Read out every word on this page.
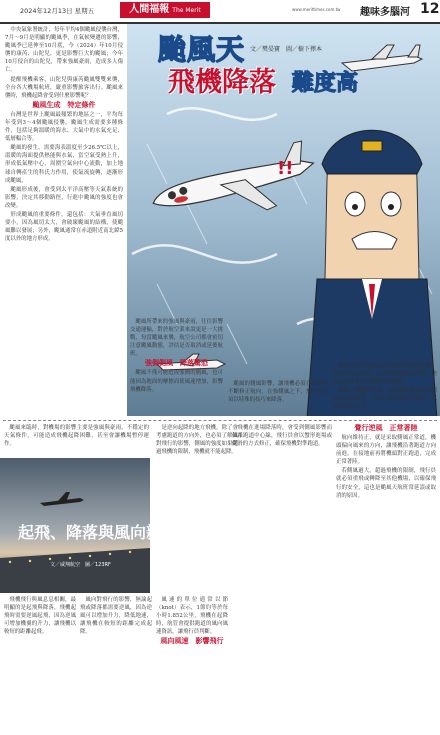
2024年12月13日 星期五	人間福報 The Merit	www.merittimes.com.tw 趣味多腦河 12

中央氣象署統計，每年平均4個颱風侵襲台灣，7月～9月是明顯的颱風季，在氣候變遷的影響，颱風季已延伸至10月底，今（2024）年10月侵襲的康芮、山陀兒，更是影響巨大的颱風；今年10月侵台的山陀兒，帶來強風豪雨，造成多人傷亡。

提醒飛機乘客，山陀兒與康芮颱風雙雙來襲，全台各大機場航班，嚴重影響旅客出行。颱風來襲時，飛機起降會受到什麼影響呢？

颱風生成　特定條件

台灣是世界上颱風最頻繁的地區之一，平均每年受到3～4個颱風侵襲，颱風生成需要多種條件，包括足夠溫暖的海水、大氣中的水氣充足、低層輻合等。

颱風的發生，需要海表溫度至少26.5℃以上，溫暖的海面提供熱能與水氣，當空氣受熱上升，形成低氣壓中心，周圍空氣向中心流動，加上地球自轉產生的科氏力作用，使氣流旋轉，逐漸形成颱風。

颱風形成後，會受到太平洋高壓等天氣系統的影響，決定其移動路徑，行進中颱風的強度也會改變。

形成颱風的重要條件，還包括：大氣垂直風切要小，因為風切太大，會破壞颱風的結構，使颱風難以發展；另外，颱風通常在赤道附近南北緯5度以外的地方形成。

!!
颱風天 文／樊晏寶　圖／樹下擇本
飛機降落 難度高

颱風所帶來的強風與豪雨，往往影響交通運輸，對於航空業來說更是一大挑戰，每當颱風來襲，航空公司都會密切注意颱風動態，評估是否取消或延後航班。

強側側風　降落驚恐

颱風不僅可能造成強側的側風，也可能因為地面的摩擦而使風速增加，影響飛機降落。

颱風的側風影響，讓飛機必須在降落時不斷修正航向，在強側風之下，飛行員必須以特殊的技巧來降落。

颱風來臨時可能造成飛機降落時的困難，對於飛行員來說，必須依據經驗及判斷，決定是否降落或是轉降其他機場。

機師在飛機降落時，會面臨強側風或是陣風等天氣條件，必須仔細判斷是否降落，以確保飛行安全。

颱風來臨時，對機場的影響主要是強風與豪雨，不穩定的天氣條件，可能造成飛機起降困難，甚至會讓機場暫停運作。

起飛、降落與風向親密關係
文／威翔航空　圖／123RF

飛機飛行與風息息相關，最明顯的是起飛與降落，飛機起飛時需要逆風起飛，因為逆風可增加機翼的升力，讓飛機以較短的距離起飛。

風向對飛行的影響，無論起飛或降落都需要逆風，因為逆風可以增加升力，降低地速，讓飛機在較短的距離完成起降。

風速的單位通常以節（knot）表示，1節約等於每小時1.852公里，飛機在起降時，航管會提供跑道的風向風速資訊，讓飛行員判斷。

風向風速　影響飛行

是逆向起降的地方飛機，除了會考慮跑道的方向外，也必須了解風對飛行的影響，側風的強度如果超過飛機的限制，飛機就不能起降。

飛機在進場降落時，會受到側風影響而偏離跑道中心線，飛行員會以蟹形進場或側滑的方式修正，確保飛機對準跑道。

覺行逆風　正常著陸

航向維持正，就是采取側風正常道，機頭偏向風來的方向，讓飛機沿著跑道方向前進，在接地前再將機頭對正跑道，完成正常著陸。

若側風過大，超過飛機的限制，飛行員就必須重飛或轉降至其他機場，以確保飛行的安全，這也是颱風天航班常延誤或取消的原因。
